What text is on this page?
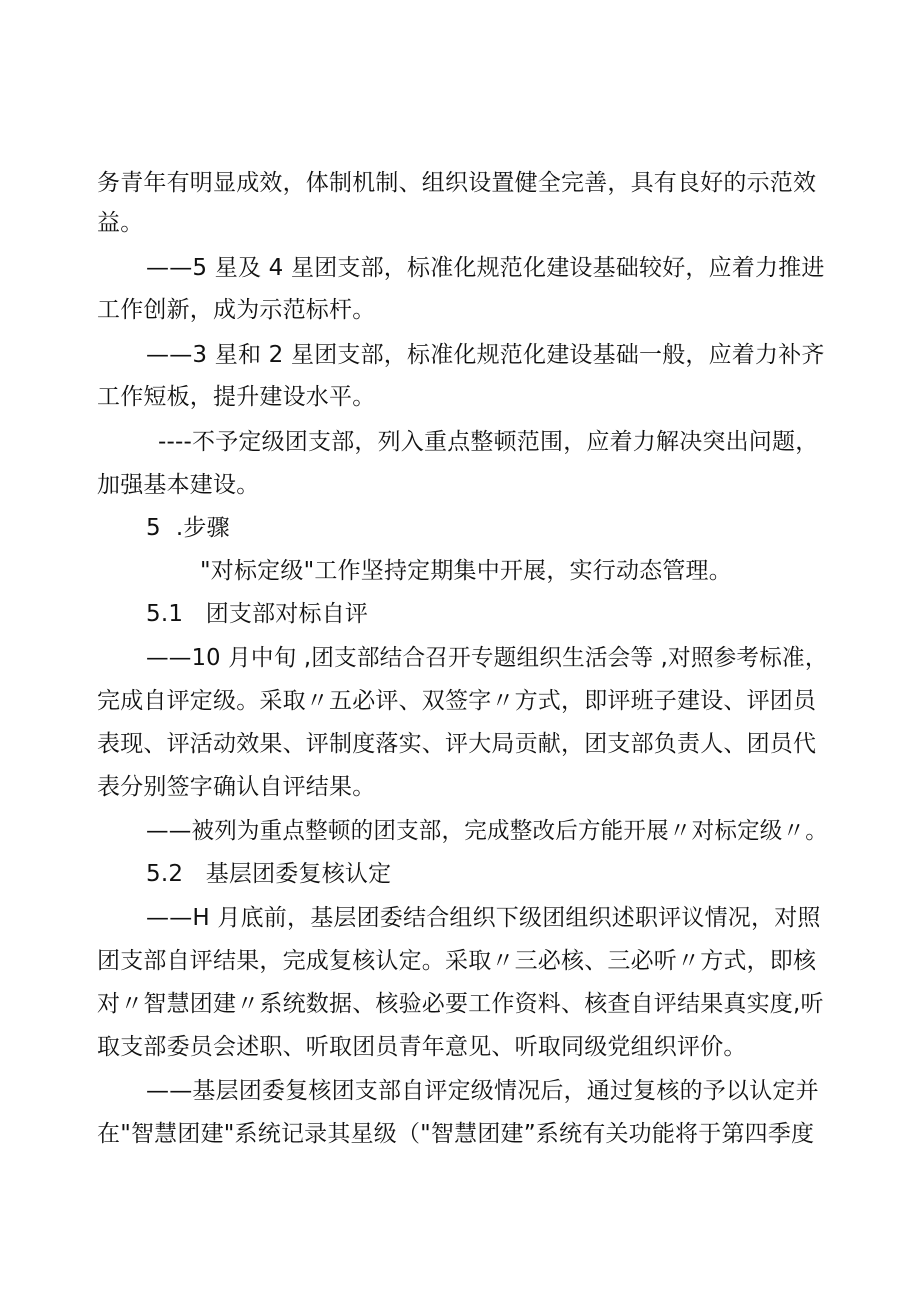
务青年有明显成效，体制机制、组织设置健全完善，具有良好的示范效
益。
——5 星及 4 星团支部，标准化规范化建设基础较好，应着力推进
工作创新，成为示范标杆。
——3 星和 2 星团支部，标准化规范化建设基础一般，应着力补齐
工作短板，提升建设水平。
----不予定级团支部，列入重点整顿范围，应着力解决突出问题，
加强基本建设。
5  .步骤
"对标定级"工作坚持定期集中开展，实行动态管理。
5.1   团支部对标自评
——10 月中旬 ,团支部结合召开专题组织生活会等 ,对照参考标准，
完成自评定级。采取〃五必评、双签字〃方式，即评班子建设、评团员
表现、评活动效果、评制度落实、评大局贡献，团支部负责人、团员代
表分别签字确认自评结果。
——被列为重点整顿的团支部，完成整改后方能开展〃对标定级〃。
5.2   基层团委复核认定
——H 月底前，基层团委结合组织下级团组织述职评议情况，对照
团支部自评结果，完成复核认定。采取〃三必核、三必听〃方式，即核
对〃智慧团建〃系统数据、核验必要工作资料、核查自评结果真实度,听
取支部委员会述职、听取团员青年意见、听取同级党组织评价。
——基层团委复核团支部自评定级情况后，通过复核的予以认定并
在"智慧团建"系统记录其星级（"智慧团建”系统有关功能将于第四季度
